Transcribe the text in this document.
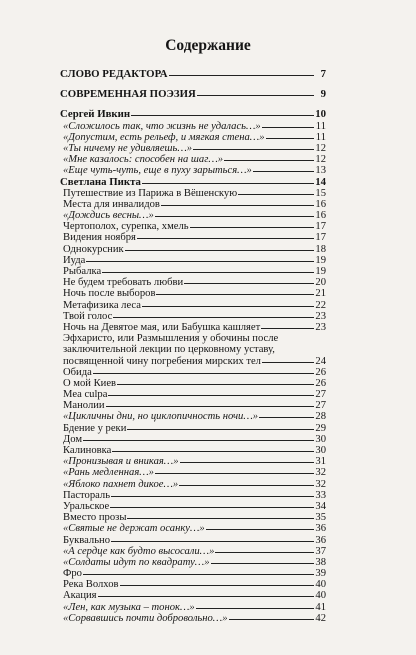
Содержание
СЛОВО РЕДАКТОРА	7
СОВРЕМЕННАЯ ПОЭЗИЯ	9
Сергей Ивкин	10
«Сложилось так, что жизнь не удалась…»	11
«Допустим, есть рельеф, и мягкая стена…»	11
«Ты ничему не удивляешь…»	12
«Мне казалось: способен на шаг…»	12
«Еще чуть-чуть, еще в пуху зарыться…»	13
Светлана Пикта	14
Путешествие из Парижа в Вёшенскую	15
Места для инвалидов	16
«Дождись весны…»	16
Чертополох, сурепка, хмель	17
Видения ноября	17
Однокурсник	18
Иуда	19
Рыбалка	19
Не будем требовать любви	20
Ночь после выборов	21
Метафизика леса	22
Твой голос	23
Ночь на Девятое мая, или Бабушка кашляет	23
Эфхаристо, или Размышления у обочины после
заключительной лекции по церковному уставу,
посвященной чину погребения мирских тел	24
Обида	26
О мой Киев	26
Mea culpa	27
Манолии	27
«Цикличны дни, но циклопичность ночи…»	28
Бдение у реки	29
Дом	30
Калиновка	30
«Пронизывая и вникая…»	31
«Рань медленная…»	32
«Яблоко пахнет дикое…»	32
Пастораль	33
Уральское	34
Вместо прозы	35
«Святые не держат осанку…»	36
Буквально	36
«А сердце как будто высосали…»	37
«Солдаты идут по квадрату…»	38
Фро	39
Река Волхов	40
Акация	40
«Лен, как музыка – тонок…»	41
«Сорвавшись почти добровольно…»	42
